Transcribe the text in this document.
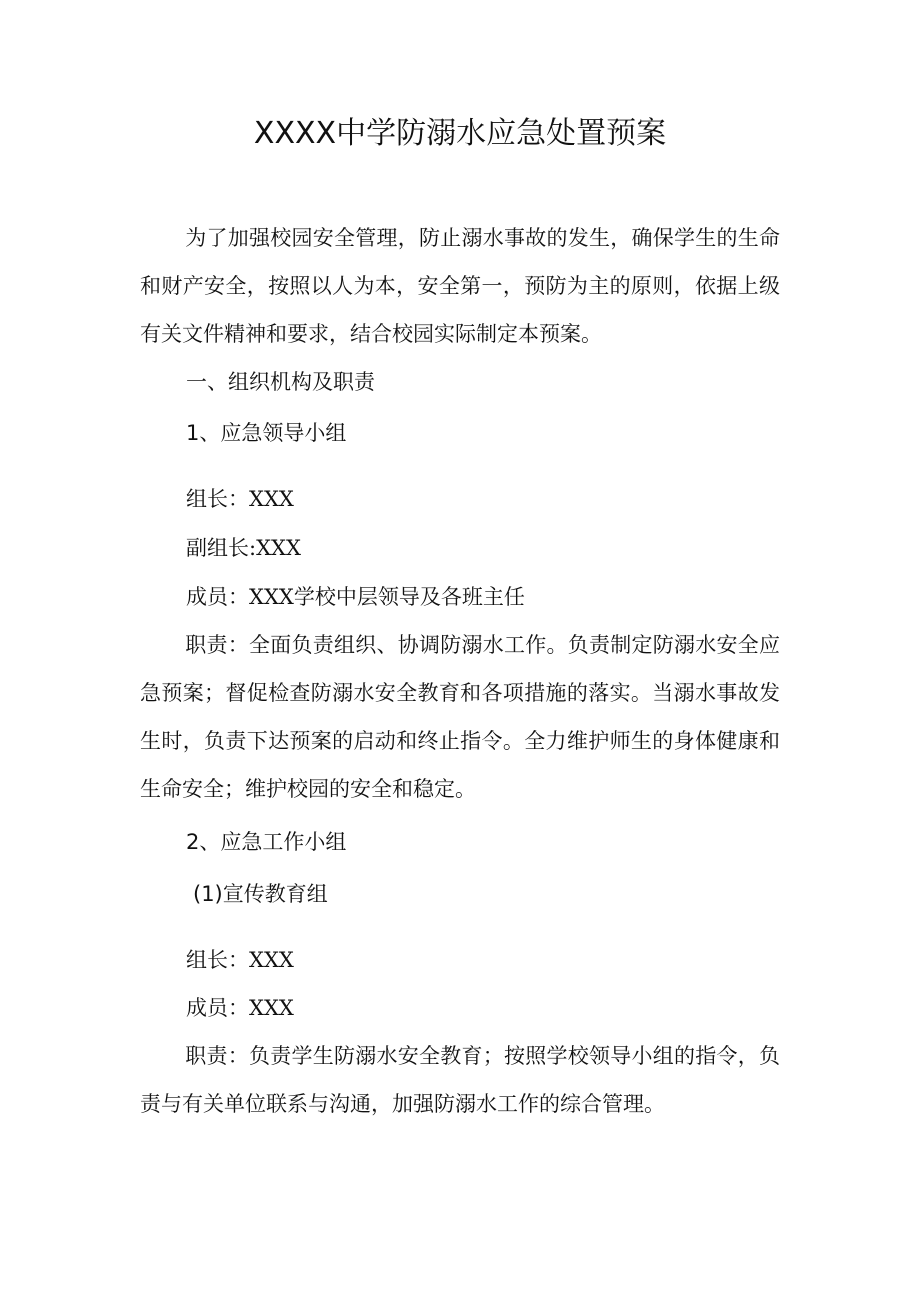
XXXX中学防溺水应急处置预案
为了加强校园安全管理，防止溺水事故的发生，确保学生的生命和财产安全，按照以人为本，安全第一，预防为主的原则，依据上级有关文件精神和要求，结合校园实际制定本预案。
一、组织机构及职责
1、应急领导小组
组长：XXX
副组长:XXX
成员：XXX学校中层领导及各班主任
职责：全面负责组织、协调防溺水工作。负责制定防溺水安全应急预案；督促检查防溺水安全教育和各项措施的落实。当溺水事故发生时，负责下达预案的启动和终止指令。全力维护师生的身体健康和生命安全；维护校园的安全和稳定。
2、应急工作小组
(1)宣传教育组
组长：XXX
成员：XXX
职责：负责学生防溺水安全教育；按照学校领导小组的指令，负责与有关单位联系与沟通，加强防溺水工作的综合管理。
